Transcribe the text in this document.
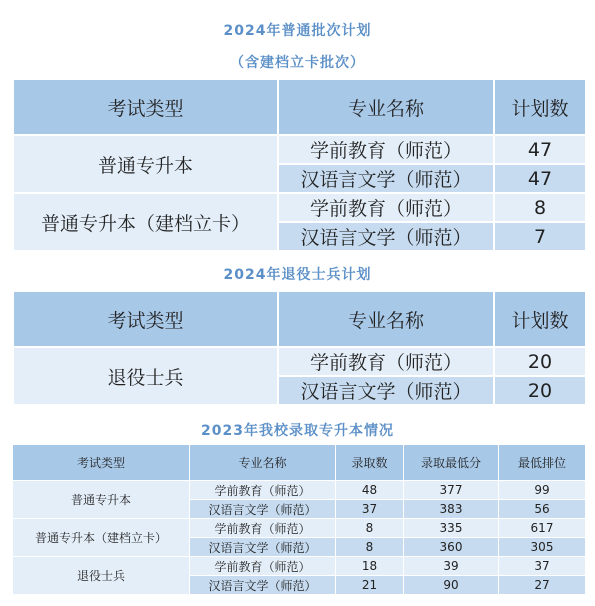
2024年普通批次计划
（含建档立卡批次）
考试类型	专业名称	计划数
普通专升本	学前教育（师范）	47
	汉语言文学（师范）	47
普通专升本（建档立卡）	学前教育（师范）	8
	汉语言文学（师范）	7
2024年退役士兵计划
考试类型	专业名称	计划数
退役士兵	学前教育（师范）	20
	汉语言文学（师范）	20
2023年我校录取专升本情况
考试类型	专业名称	录取数	录取最低分	最低排位
普通专升本	学前教育（师范）	48	377	99
	汉语言文学（师范）	37	383	56
普通专升本（建档立卡）	学前教育（师范）	8	335	617
	汉语言文学（师范）	8	360	305
退役士兵	学前教育（师范）	18	39	37
	汉语言文学（师范）	21	90	27
